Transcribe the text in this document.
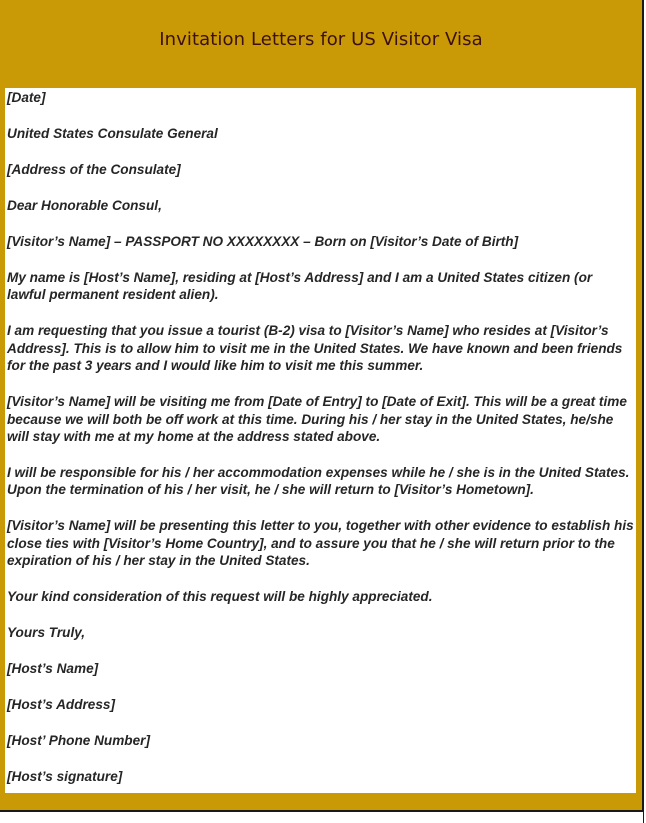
Invitation Letters for US Visitor Visa

[Date]

United States Consulate General

[Address of the Consulate]

Dear Honorable Consul,

[Visitor’s Name] – PASSPORT NO XXXXXXXX – Born on [Visitor’s Date of Birth]

My name is [Host’s Name], residing at [Host’s Address] and I am a United States citizen (or lawful permanent resident alien).

I am requesting that you issue a tourist (B-2) visa to [Visitor’s Name] who resides at [Visitor’s Address]. This is to allow him to visit me in the United States. We have known and been friends for the past 3 years and I would like him to visit me this summer.

[Visitor’s Name] will be visiting me from [Date of Entry] to [Date of Exit]. This will be a great time because we will both be off work at this time. During his / her stay in the United States, he/she will stay with me at my home at the address stated above.

I will be responsible for his / her accommodation expenses while he / she is in the United States. Upon the termination of his / her visit, he / she will return to [Visitor’s Hometown].

[Visitor’s Name] will be presenting this letter to you, together with other evidence to establish his close ties with [Visitor’s Home Country], and to assure you that he / she will return prior to the expiration of his / her stay in the United States.

Your kind consideration of this request will be highly appreciated.

Yours Truly,

[Host’s Name]

[Host’s Address]

[Host’ Phone Number]

[Host’s signature]
